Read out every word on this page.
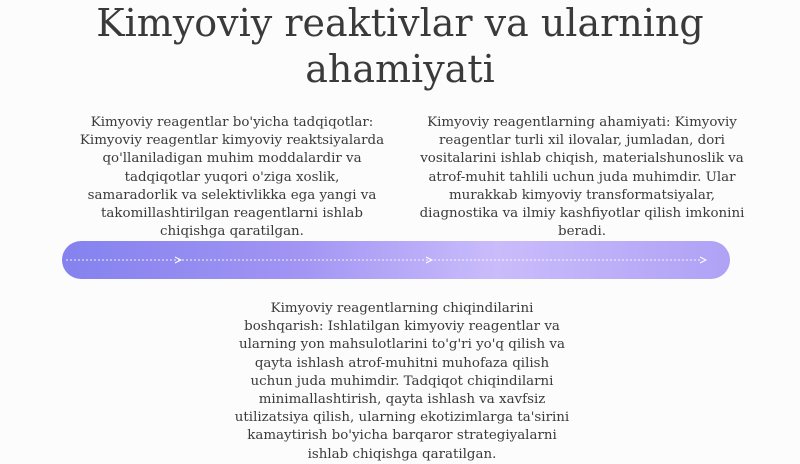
Kimyoviy reaktivlar va ularning ahamiyati

Kimyoviy reagentlar bo'yicha tadqiqotlar: Kimyoviy reagentlar kimyoviy reaktsiyalarda qo'llaniladigan muhim moddalardir va tadqiqotlar yuqori o'ziga xoslik, samaradorlik va selektivlikka ega yangi va takomillashtirilgan reagentlarni ishlab chiqishga qaratilgan.

Kimyoviy reagentlarning ahamiyati: Kimyoviy reagentlar turli xil ilovalar, jumladan, dori vositalarini ishlab chiqish, materialshunoslik va atrof-muhit tahlili uchun juda muhimdir. Ular murakkab kimyoviy transformatsiyalar, diagnostika va ilmiy kashfiyotlar qilish imkonini beradi.

Kimyoviy reagentlarning chiqindilarini boshqarish: Ishlatilgan kimyoviy reagentlar va ularning yon mahsulotlarini to'g'ri yo'q qilish va qayta ishlash atrof-muhitni muhofaza qilish uchun juda muhimdir. Tadqiqot chiqindilarni minimallashtirish, qayta ishlash va xavfsiz utilizatsiya qilish, ularning ekotizimlarga ta'sirini kamaytirish bo'yicha barqaror strategiyalarni ishlab chiqishga qaratilgan.
